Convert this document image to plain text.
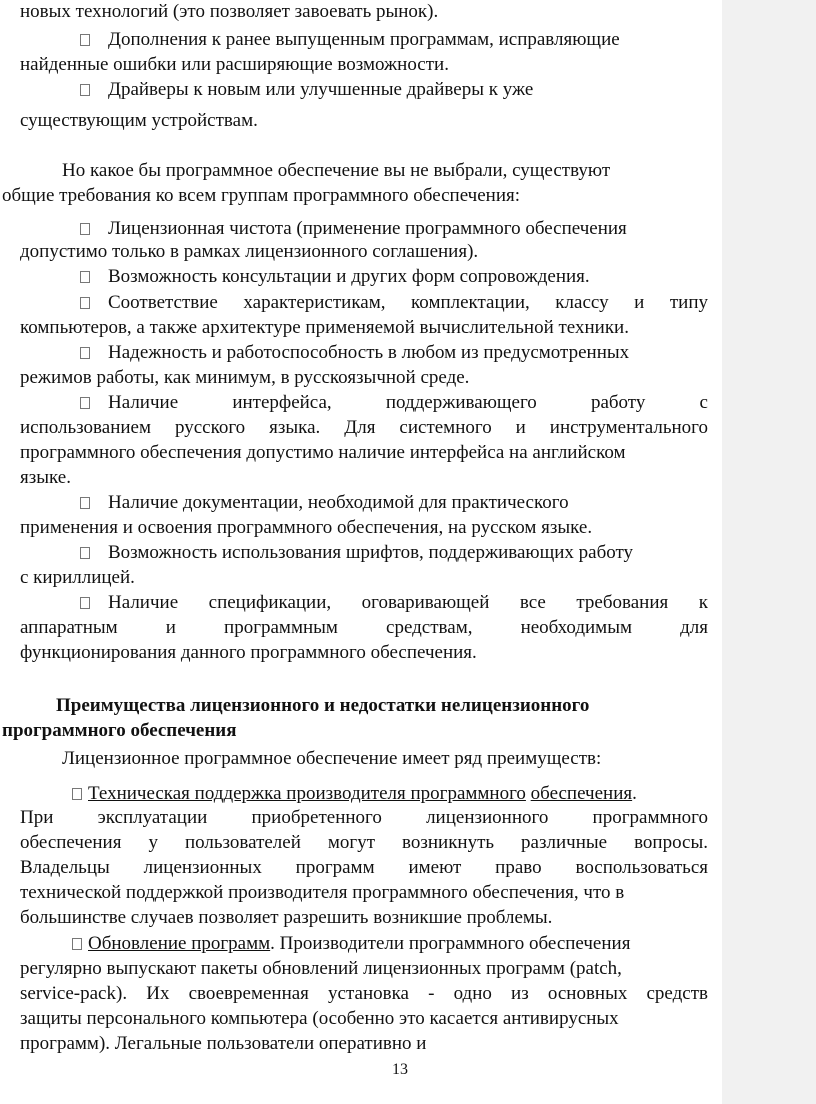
новых технологий (это позволяет завоевать рынок).
Дополнения к ранее выпущенным программам, исправляющие
найденные ошибки или расширяющие возможности.
Драйверы к новым или улучшенные драйверы к уже
существующим устройствам.
Но какое бы программное обеспечение вы не выбрали, существуют
общие требования ко всем группам программного обеспечения:
Лицензионная чистота (применение программного обеспечения
допустимо только в рамках лицензионного соглашения).
Возможность консультации и других форм сопровождения.
Соответствие характеристикам, комплектации, классу и типу
компьютеров, а также архитектуре применяемой вычислительной техники.
Надежность и работоспособность в любом из предусмотренных
режимов работы, как минимум, в русскоязычной среде.
Наличие интерфейса, поддерживающего работу с
использованием русского языка. Для системного и инструментального
программного обеспечения допустимо наличие интерфейса на английском
языке.
Наличие документации, необходимой для практического
применения и освоения программного обеспечения, на русском языке.
Возможность использования шрифтов, поддерживающих работу
с кириллицей.
Наличие спецификации, оговаривающей все требования к
аппаратным и программным средствам, необходимым для
функционирования данного программного обеспечения.
Преимущества лицензионного и недостатки нелицензионного
программного обеспечения
Лицензионное программное обеспечение имеет ряд преимуществ:
Техническая поддержка производителя программного обеспечения.
При эксплуатации приобретенного лицензионного программного
обеспечения у пользователей могут возникнуть различные вопросы.
Владельцы лицензионных программ имеют право воспользоваться
технической поддержкой производителя программного обеспечения, что в
большинстве случаев позволяет разрешить возникшие проблемы.
Обновление программ. Производители программного обеспечения
регулярно выпускают пакеты обновлений лицензионных программ (patch,
service-pack). Их своевременная установка - одно из основных средств
защиты персонального компьютера (особенно это касается антивирусных
программ). Легальные пользователи оперативно и
13
